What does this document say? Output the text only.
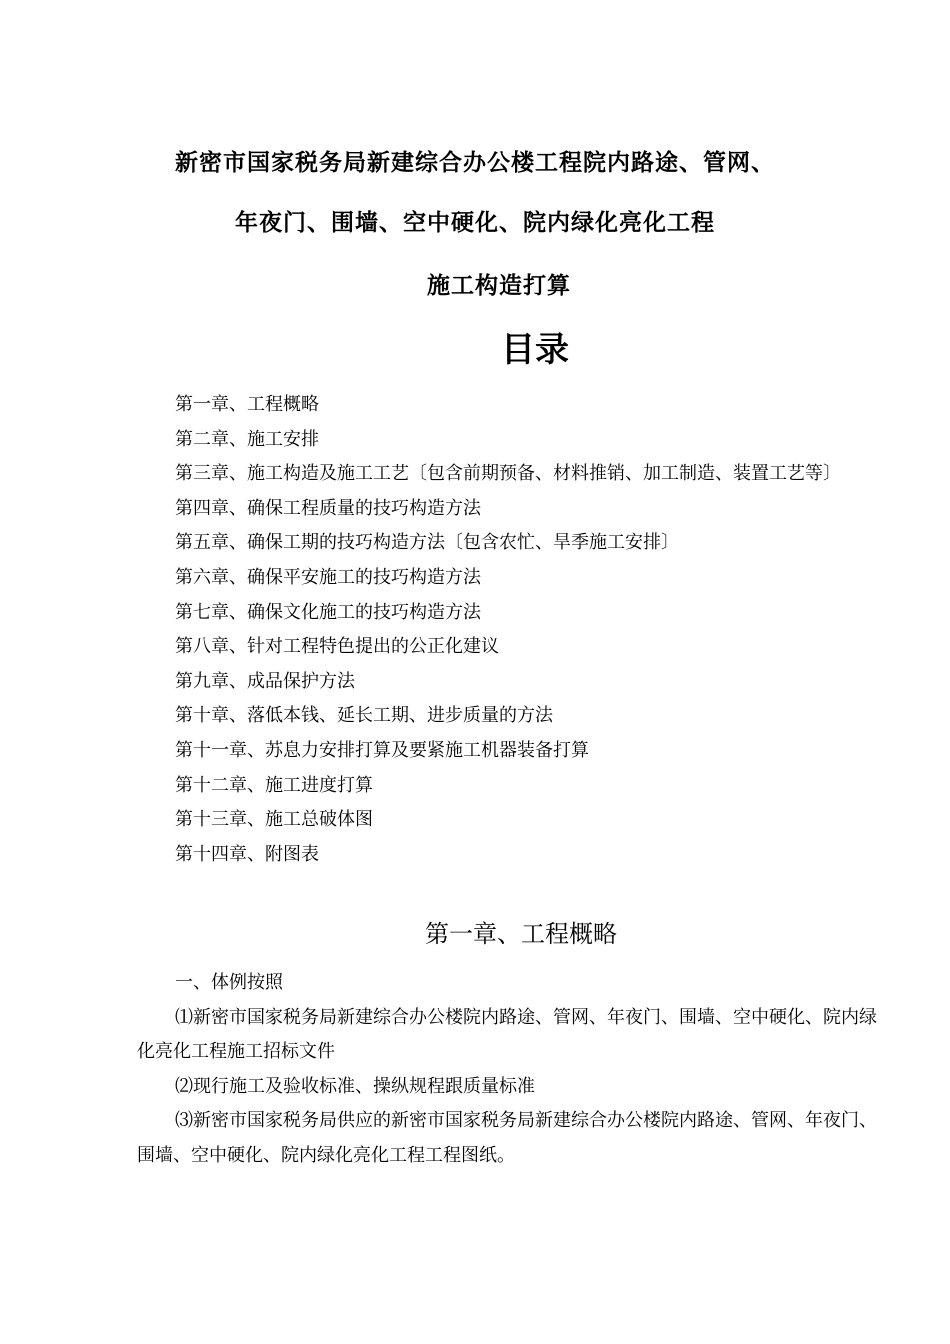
新密市国家税务局新建综合办公楼工程院内路途、管网、
年夜门、围墙、空中硬化、院内绿化亮化工程
施工构造打算
目录
第一章、工程概略
第二章、施工安排
第三章、施工构造及施工工艺〔包含前期预备、材料推销、加工制造、装置工艺等〕
第四章、确保工程质量的技巧构造方法
第五章、确保工期的技巧构造方法〔包含农忙、旱季施工安排〕
第六章、确保平安施工的技巧构造方法
第七章、确保文化施工的技巧构造方法
第八章、针对工程特色提出的公正化建议
第九章、成品保护方法
第十章、落低本钱、延长工期、进步质量的方法
第十一章、苏息力安排打算及要紧施工机器装备打算
第十二章、施工进度打算
第十三章、施工总破体图
第十四章、附图表
第一章、工程概略

一、体例按照

⑴新密市国家税务局新建综合办公楼院内路途、管网、年夜门、围墙、空中硬化、院内绿化亮化工程施工招标文件

⑵现行施工及验收标准、操纵规程跟质量标准

⑶新密市国家税务局供应的新密市国家税务局新建综合办公楼院内路途、管网、年夜门、围墙、空中硬化、院内绿化亮化工程工程图纸。
